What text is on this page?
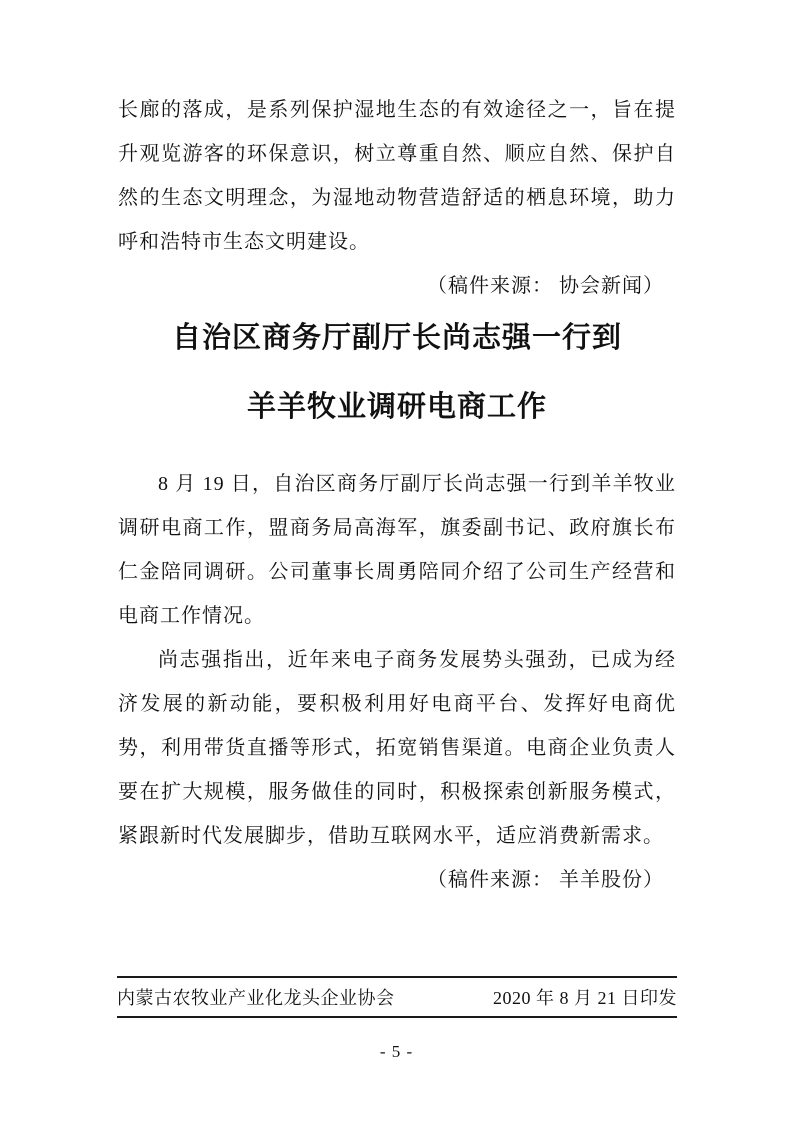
长廊的落成，是系列保护湿地生态的有效途径之一，旨在提升观览游客的环保意识，树立尊重自然、顺应自然、保护自然的生态文明理念，为湿地动物营造舒适的栖息环境，助力呼和浩特市生态文明建设。

（稿件来源： 协会新闻）

自治区商务厅副厅长尚志强一行到
羊羊牧业调研电商工作

8 月 19 日，自治区商务厅副厅长尚志强一行到羊羊牧业调研电商工作，盟商务局高海军，旗委副书记、政府旗长布仁金陪同调研。公司董事长周勇陪同介绍了公司生产经营和电商工作情况。

尚志强指出，近年来电子商务发展势头强劲，已成为经济发展的新动能，要积极利用好电商平台、发挥好电商优势，利用带货直播等形式，拓宽销售渠道。电商企业负责人要在扩大规模，服务做佳的同时，积极探索创新服务模式，紧跟新时代发展脚步，借助互联网水平，适应消费新需求。

（稿件来源： 羊羊股份）

内蒙古农牧业产业化龙头企业协会	2020 年 8 月 21 日印发
- 5 -
